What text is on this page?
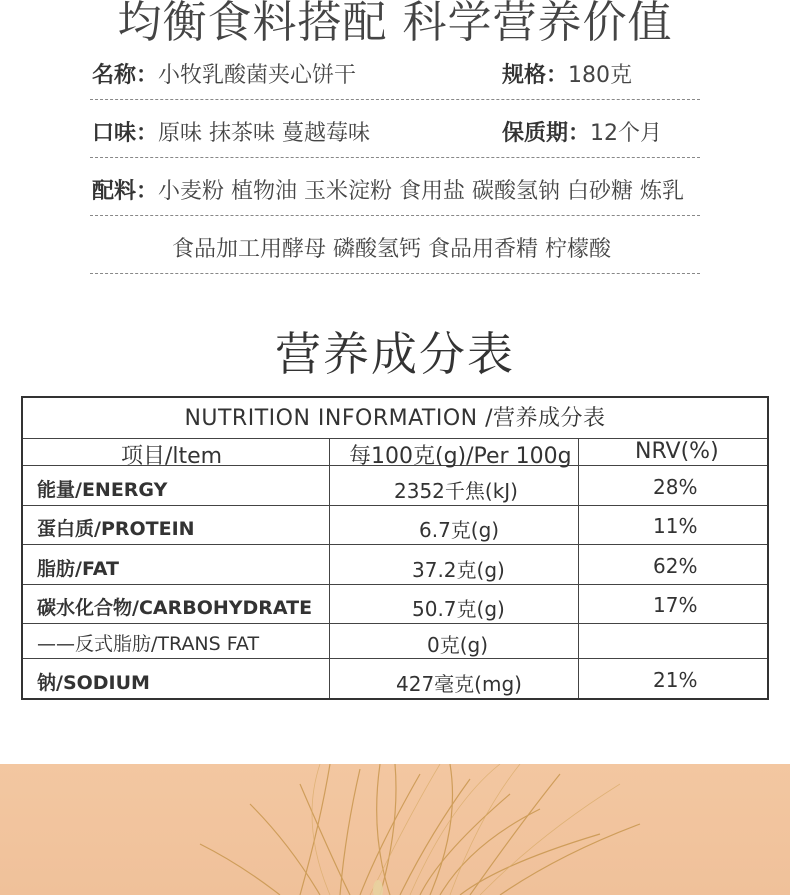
均衡食料搭配 科学营养价值
名称：小牧乳酸菌夹心饼干	规格：180克
口味：原味 抹茶味 蔓越莓味	保质期：12个月
配料：小麦粉 植物油 玉米淀粉 食用盐 碳酸氢钠 白砂糖 炼乳
食品加工用酵母 磷酸氢钙 食品用香精 柠檬酸
营养成分表
NUTRITION INFORMATION /营养成分表
项目/ltem	每100克(g)/Per 100g	NRV(%)
能量/ENERGY	2352千焦(kJ)	28%
蛋白质/PROTEIN	6.7克(g)	11%
脂肪/FAT	37.2克(g)	62%
碳水化合物/CARBOHYDRATE	50.7克(g)	17%
——反式脂肪/TRANS FAT	0克(g)
钠/SODIUM	427毫克(mg)	21%
